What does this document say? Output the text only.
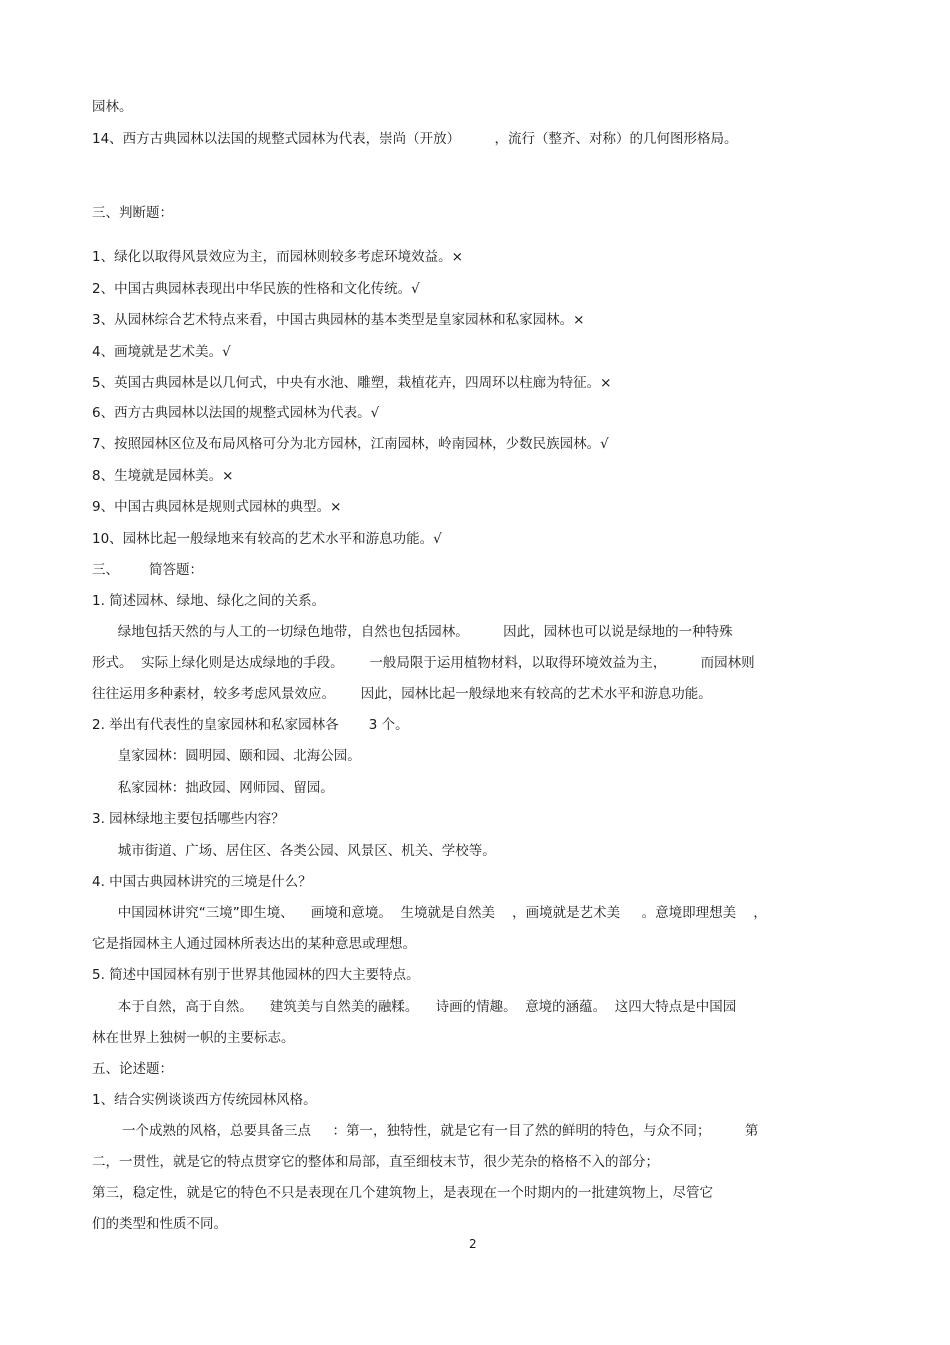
园林。
14、西方古典园林以法国的规整式园林为代表，崇尚（开放）        ，流行（整齐、对称）的几何图形格局。
三、判断题：
1、绿化以取得风景效应为主，而园林则较多考虑环境效益。×
2、中国古典园林表现出中华民族的性格和文化传统。√
3、从园林综合艺术特点来看，中国古典园林的基本类型是皇家园林和私家园林。×
4、画境就是艺术美。√
5、英国古典园林是以几何式，中央有水池、雕塑，栽植花卉，四周环以柱廊为特征。×
6、西方古典园林以法国的规整式园林为代表。√
7、按照园林区位及布局风格可分为北方园林，江南园林，岭南园林，少数民族园林。√
8、生境就是园林美。×
9、中国古典园林是规则式园林的典型。×
10、园林比起一般绿地来有较高的艺术水平和游息功能。√
三、       简答题：
1. 简述园林、绿地、绿化之间的关系。
绿地包括天然的与人工的一切绿色地带，自然也包括园林。        因此，园林也可以说是绿地的一种特殊
形式。  实际上绿化则是达成绿地的手段。      一般局限于运用植物材料，以取得环境效益为主，        而园林则
往往运用多种素材，较多考虑风景效应。      因此，园林比起一般绿地来有较高的艺术水平和游息功能。
2. 举出有代表性的皇家园林和私家园林各       3 个。
皇家园林：圆明园、颐和园、北海公园。
私家园林：拙政园、网师园、留园。
3. 园林绿地主要包括哪些内容？
城市街道、广场、居住区、各类公园、风景区、机关、学校等。
4. 中国古典园林讲究的三境是什么？
中国园林讲究“三境”即生境、    画境和意境。  生境就是自然美    ，画境就是艺术美     。意境即理想美    ，
它是指园林主人通过园林所表达出的某种意思或理想。
5. 简述中国园林有别于世界其他园林的四大主要特点。
本于自然，高于自然。    建筑美与自然美的融糅。    诗画的情趣。  意境的涵蕴。  这四大特点是中国园
林在世界上独树一帜的主要标志。
五、论述题：
1、结合实例谈谈西方传统园林风格。
一个成熟的风格，总要具备三点     ：第一，独特性，就是它有一目了然的鲜明的特色，与众不同；        第
二，一贯性，就是它的特点贯穿它的整体和局部，直至细枝末节，很少芜杂的格格不入的部分；
第三，稳定性，就是它的特色不只是表现在几个建筑物上，是表现在一个时期内的一批建筑物上，尽管它
们的类型和性质不同。
2
